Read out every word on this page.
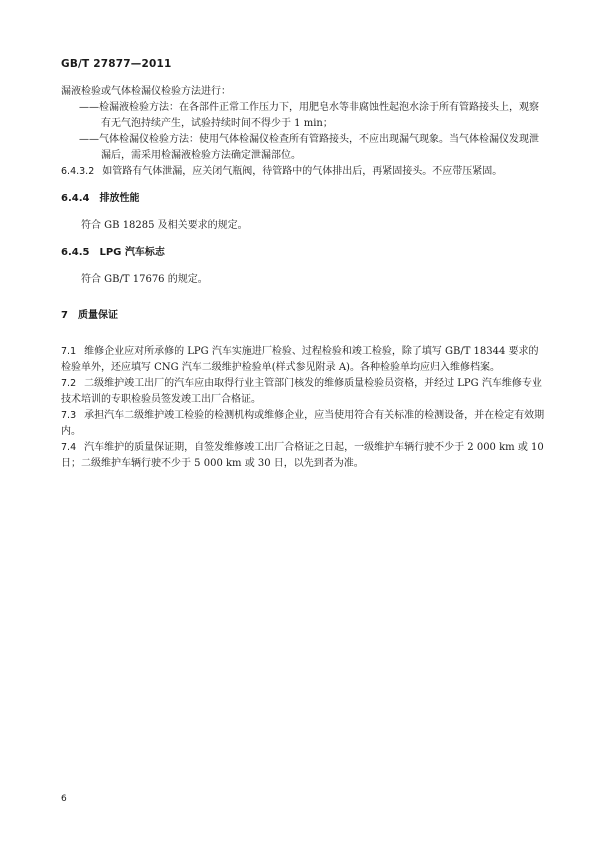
GB/T 27877—2011

漏液检验或气体检漏仪检验方法进行：

——检漏液检验方法：在各部件正常工作压力下，用肥皂水等非腐蚀性起泡水涂于所有管路接头上，观察有无气泡持续产生，试验持续时间不得少于 1 min；

——气体检漏仪检验方法：使用气体检漏仪检查所有管路接头，不应出现漏气现象。当气体检漏仪发现泄漏后，需采用检漏液检验方法确定泄漏部位。

6.4.3.2 如管路有气体泄漏，应关闭气瓶阀，待管路中的气体排出后，再紧固接头。不应带压紧固。

6.4.4 排放性能

符合 GB 18285 及相关要求的规定。

6.4.5 LPG 汽车标志

符合 GB/T 17676 的规定。

7 质量保证

7.1 维修企业应对所承修的 LPG 汽车实施进厂检验、过程检验和竣工检验，除了填写 GB/T 18344 要求的检验单外，还应填写 CNG 汽车二级维护检验单(样式参见附录 A)。各种检验单均应归入维修档案。

7.2 二级维护竣工出厂的汽车应由取得行业主管部门核发的维修质量检验员资格，并经过 LPG 汽车维修专业技术培训的专职检验员签发竣工出厂合格证。

7.3 承担汽车二级维护竣工检验的检测机构或维修企业，应当使用符合有关标准的检测设备，并在检定有效期内。

7.4 汽车维护的质量保证期，自签发维修竣工出厂合格证之日起，一级维护车辆行驶不少于 2 000 km 或 10 日；二级维护车辆行驶不少于 5 000 km 或 30 日，以先到者为准。

6
